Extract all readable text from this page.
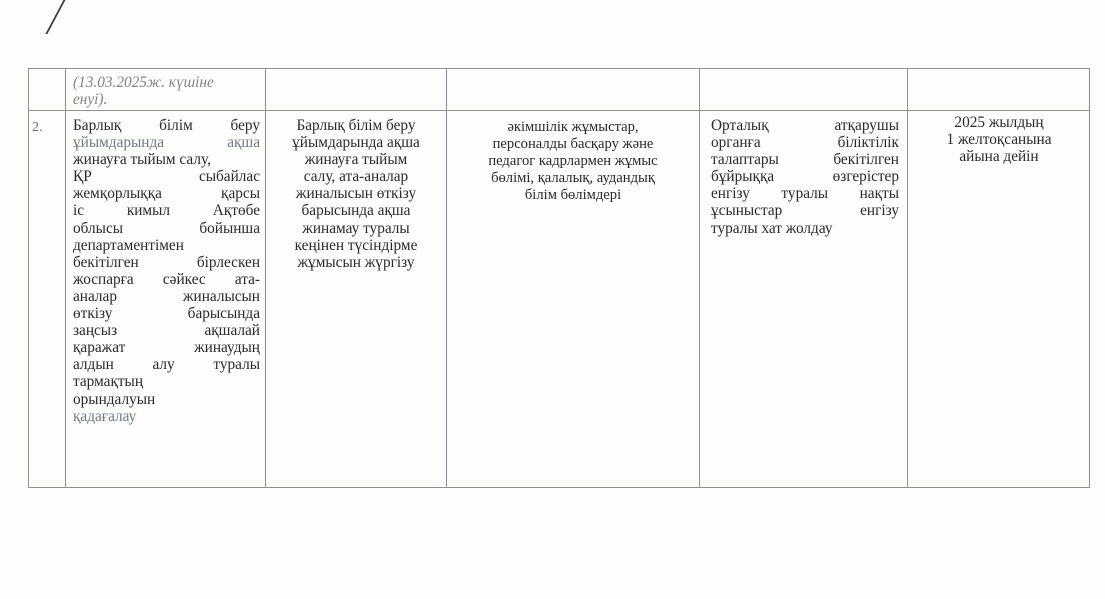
(13.03.2025ж. күшіне
енуі).
2.	Барлық білім беру

ұйымдарында ақша

жинауға тыйым салу,

ҚР сыбайлас

жемқорлыққа қарсы

іс кимыл Ақтөбе

облысы бойынша

департаментімен

бекітілген бірлескен

жоспарға сәйкес ата-

аналар жиналысын

өткізу барысында

заңсыз ақшалай

қаражат жинаудың

алдын алу туралы

тармақтың

орындалуын

қадағалау

Барлық білім беру
ұйымдарында ақша
жинауға тыйым
салу, ата-аналар
жиналысын өткізу
барысында ақша
жинамау туралы
кеңінен түсіндірме
жұмысын жүргізу
әкімшілік жұмыстар,
персоналды басқару және
педагог кадрлармен жұмыс
бөлімі, қалалық, аудандық
білім бөлімдері

Орталық атқарушы

органға біліктілік

талаптары бекітілген

бұйрыққа өзгерістер

енгізу туралы нақты

ұсыныстар енгізу

туралы хат жолдау

2025 жылдың
1 желтоқсанына
айына дейін
